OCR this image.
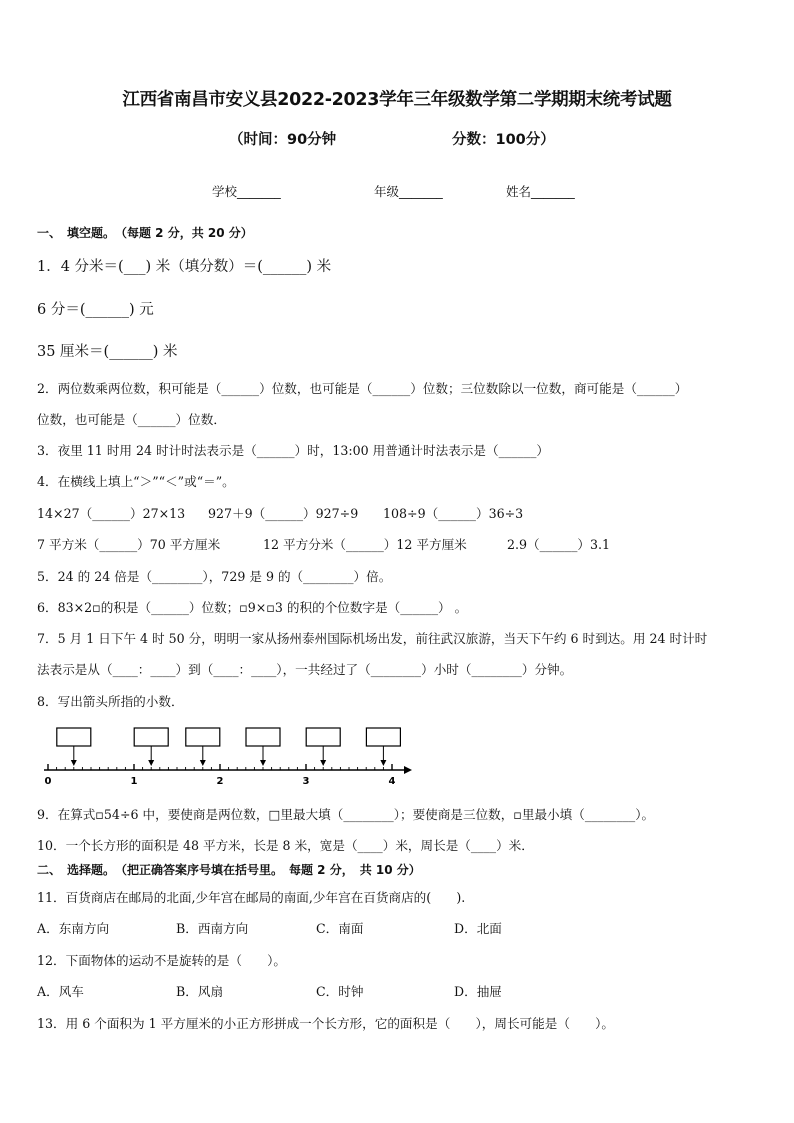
江西省南昌市安义县2022-2023学年三年级数学第二学期期末统考试题
（时间：90分钟	分数：100分）
学校_______	年级_______	姓名_______
一、　填空题。　（每题 2 分，共 20 分）
1．4 分米＝(___) 米（填分数）＝(______) 米
6 分＝(______) 元
35 厘米＝(______) 米
2．两位数乘两位数，积可能是（______）位数，也可能是（______）位数；三位数除以一位数，商可能是（______）
位数，也可能是（______）位数．
3．夜里 11 时用 24 时计时法表示是（______）时，13:00 用普通计时法表示是（______）
4．在横线上填上“＞”“＜”或“＝”。
14×27（______）27×13 927＋9（______）927÷9 108÷9（______）36÷3
7 平方米（______）70 平方厘米	12 平方分米（______）12 平方厘米	2.9（______）3.1
5．24 的 24 倍是（________），729 是 9 的（________）倍。
6．83×2▫的积是（______）位数；▫9×▫3 的积的个位数字是（______） 。
7．5 月 1 日下午 4 时 50 分，明明一家从扬州泰州国际机场出发，前往武汉旅游，当天下午约 6 时到达。用 24 时计时
法表示是从（____：____）到（____：____），一共经过了（________）小时（________）分钟。
8．写出箭头所指的小数．
0	1	2	3	4
9．在算式▫54÷6 中，要使商是两位数，□里最大填（________）；要使商是三位数，▫里最小填（________）。
10．一个长方形的面积是 48 平方米，长是 8 米，宽是（____）米，周长是（____）米．
二、　选择题。　（把正确答案序号填在括号里。　每题 2 分，　共 10 分）
11．百货商店在邮局的北面,少年宫在邮局的南面,少年宫在百货商店的(　　).
A．东南方向	B．西南方向	C．南面	D．北面
12．下面物体的运动不是旋转的是（　　）。
A．风车	B．风扇	C．时钟	D．抽屉
13．用 6 个面积为 1 平方厘米的小正方形拼成一个长方形，它的面积是（　　），周长可能是（　　）。
